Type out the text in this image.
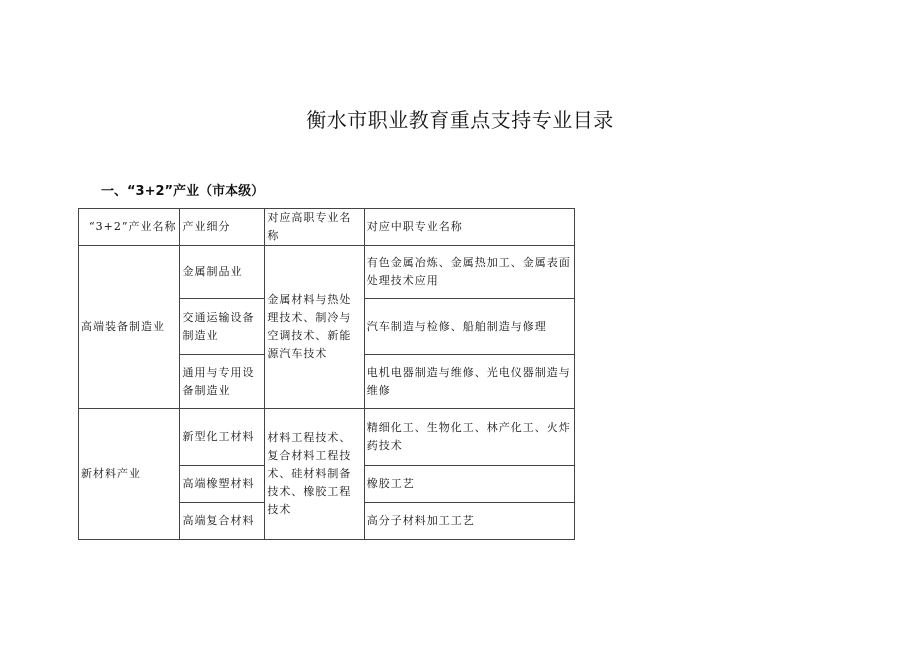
衡水市职业教育重点支持专业目录
一、“3+2”产业（市本级）
“3+2”产业名称	产业细分	对应高职专业名称	对应中职专业名称
高端装备制造业	金属制品业	金属材料与热处理技术、制冷与空调技术、新能源汽车技术	有色金属冶炼、金属热加工、金属表面处理技术应用
	交通运输设备制造业		汽车制造与检修、船舶制造与修理
	通用与专用设备制造业		电机电器制造与维修、光电仪器制造与维修
新材料产业	新型化工材料	材料工程技术、复合材料工程技术、硅材料制备技术、橡胶工程技术	精细化工、生物化工、林产化工、火炸药技术
	高端橡塑材料		橡胶工艺
	高端复合材料		高分子材料加工工艺
